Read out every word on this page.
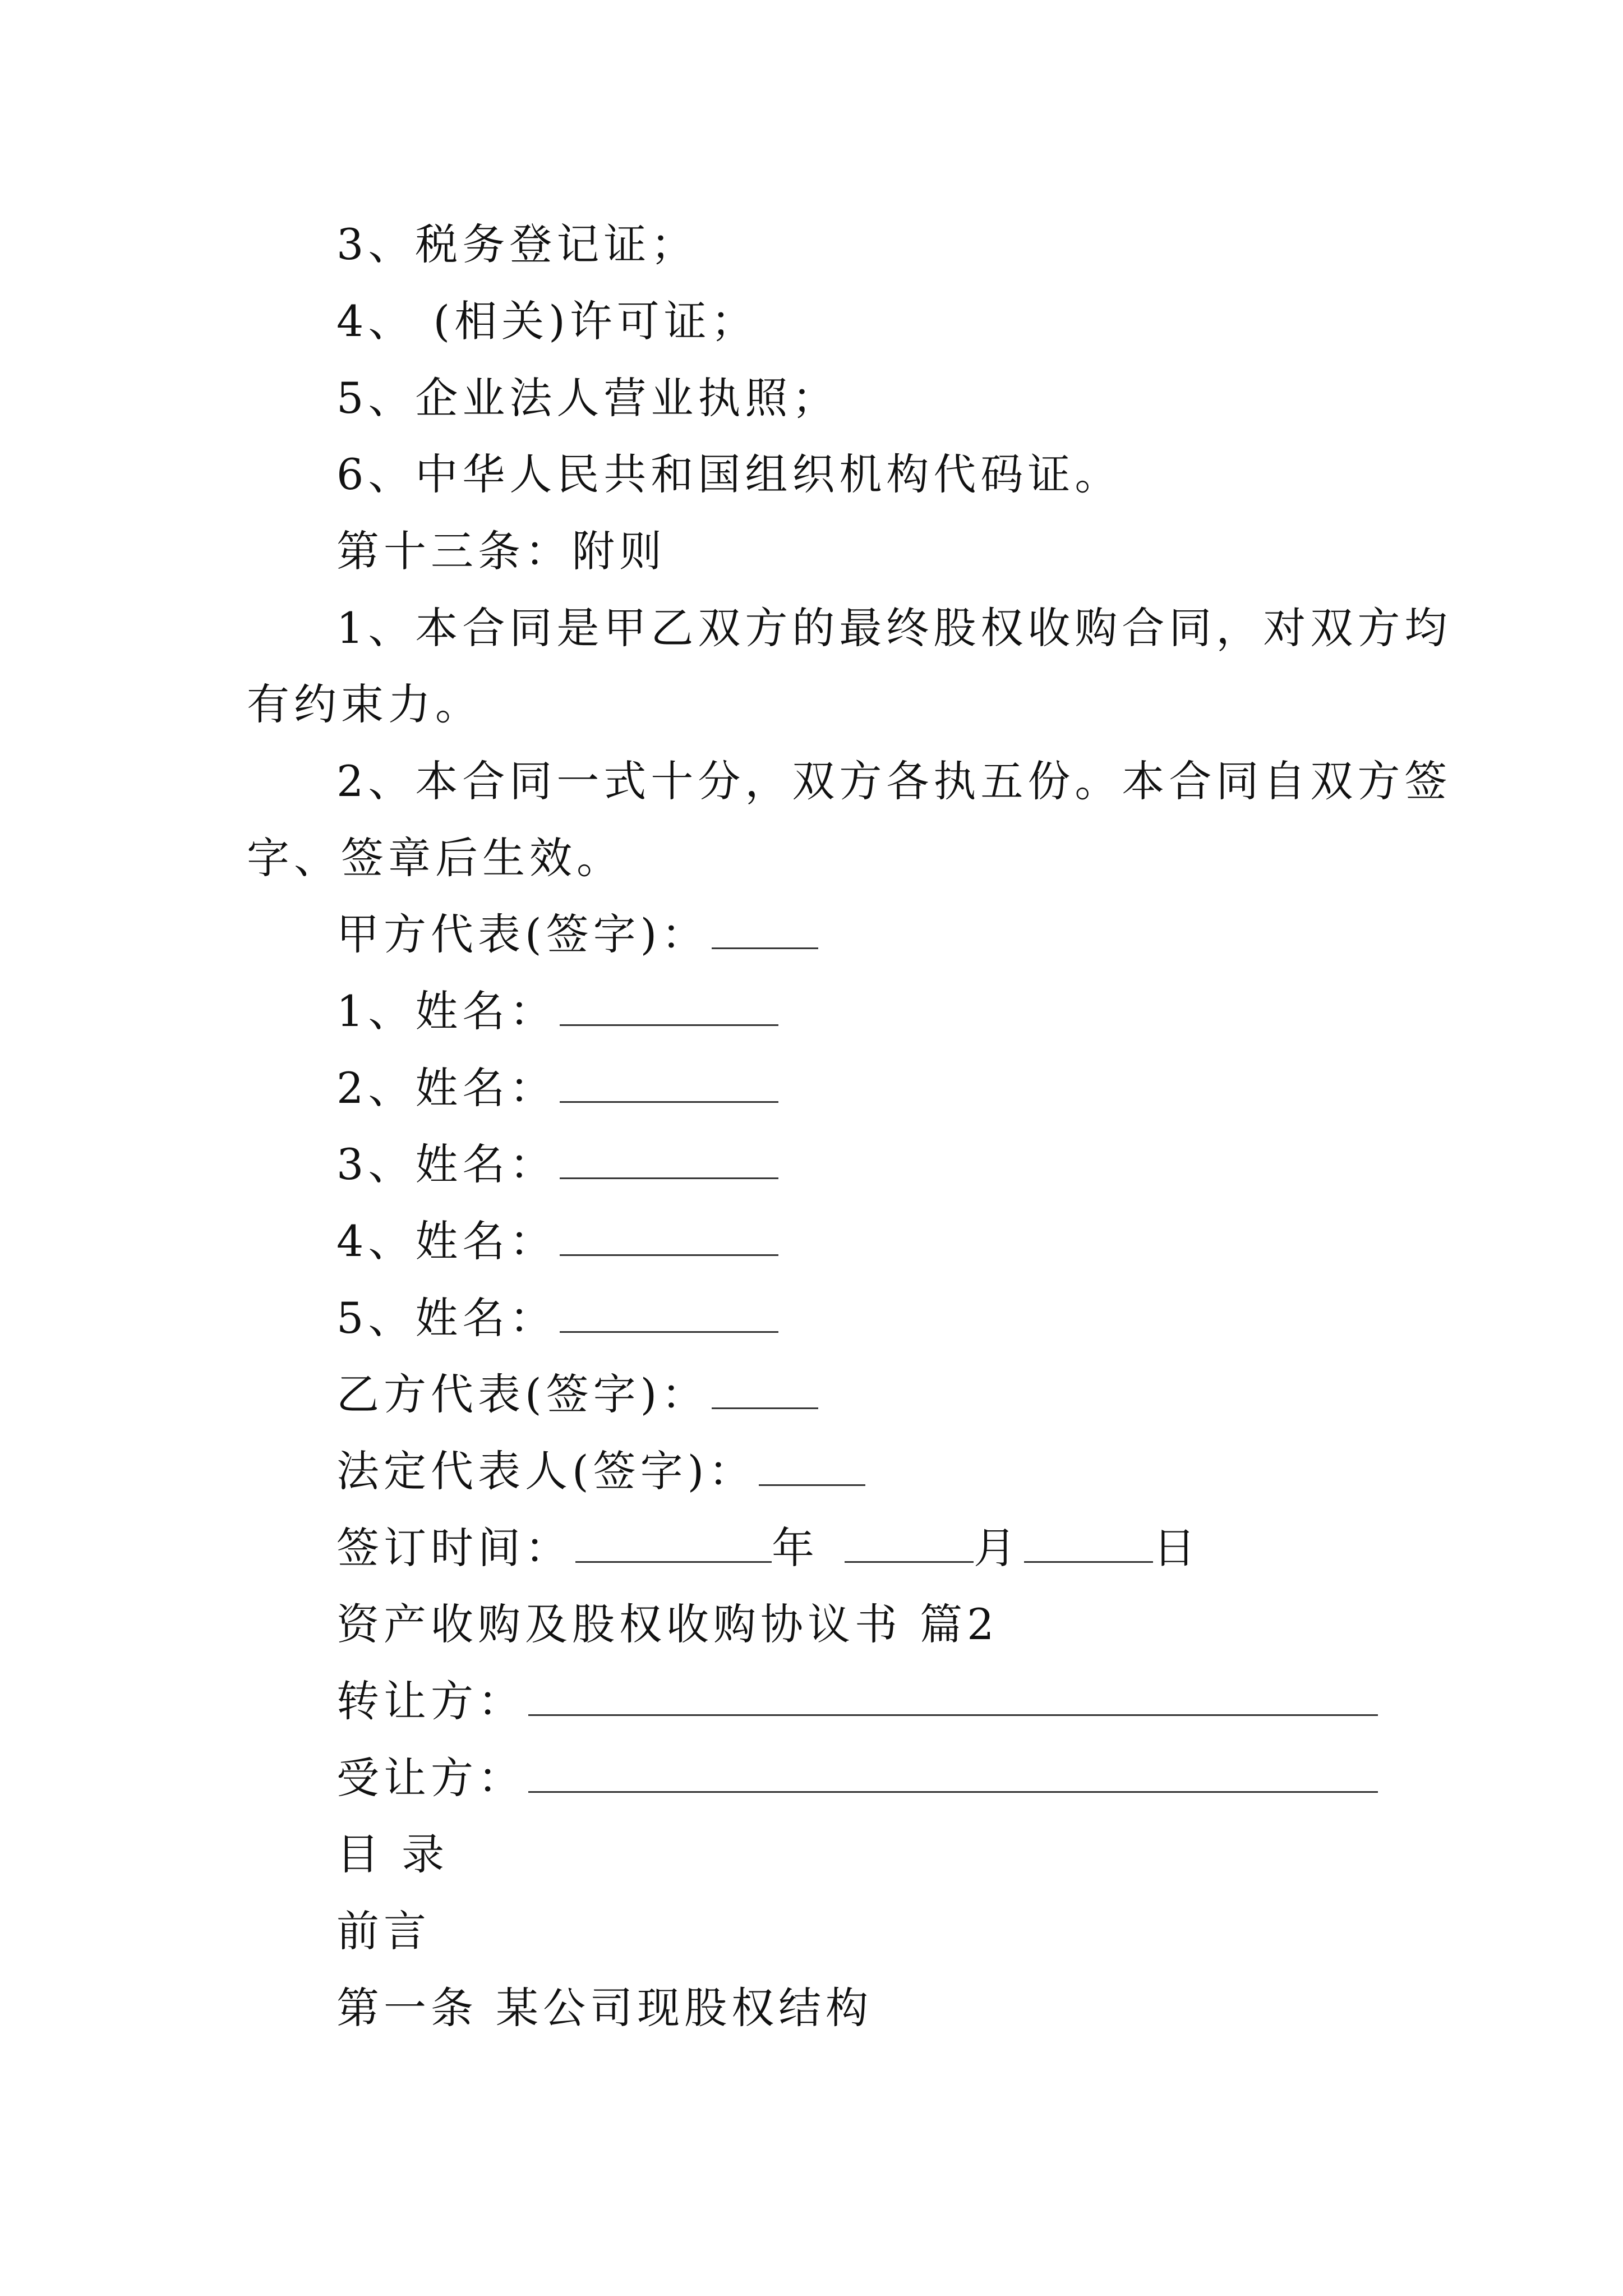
3、税务登记证；
4、 (相关)许可证；
5、企业法人营业执照；
6、中华人民共和国组织机构代码证。
第十三条：附则
1、本合同是甲乙双方的最终股权收购合同，对双方均
有约束力。
2、本合同一式十分，双方各执五份。本合同自双方签
字、签章后生效。
甲方代表(签字)：
1、姓名：
2、姓名：
3、姓名：
4、姓名：
5、姓名：
乙方代表(签字)：
法定代表人(签字)：
签订时间：	年	月	日
资产收购及股权收购协议书 篇2
转让方：
受让方：
目 录
前言
第一条 某公司现股权结构
